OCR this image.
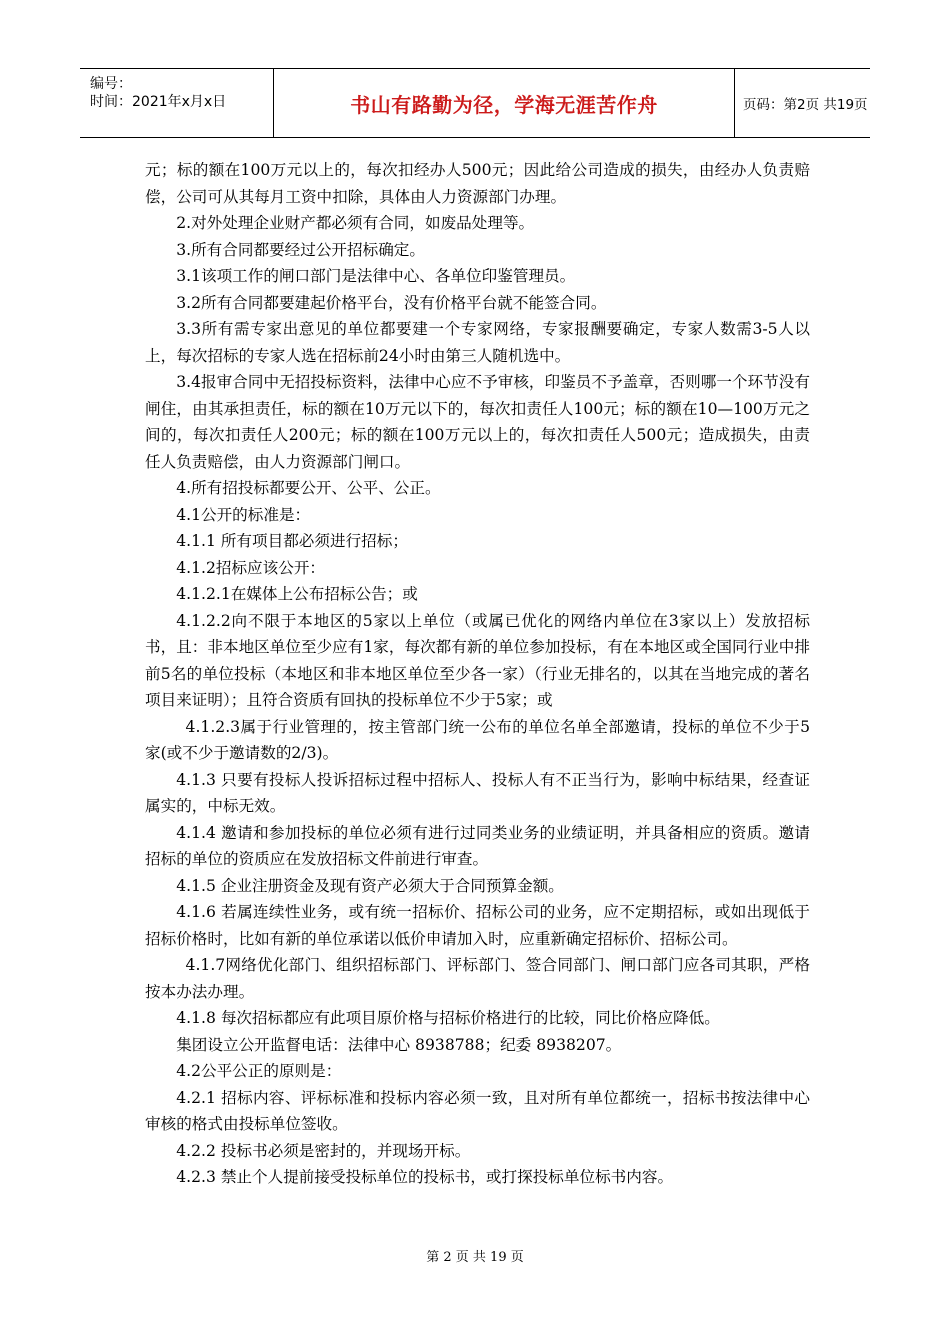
编号：
时间：2021年x月x日	书山有路勤为径，学海无涯苦作舟	页码：第2页 共19页

元；标的额在100万元以上的，每次扣经办人500元；因此给公司造成的损失，由经办人负责赔偿，公司可从其每月工资中扣除，具体由人力资源部门办理。

2.对外处理企业财产都必须有合同，如废品处理等。

3.所有合同都要经过公开招标确定。

3.1该项工作的闸口部门是法律中心、各单位印鉴管理员。

3.2所有合同都要建起价格平台，没有价格平台就不能签合同。

3.3所有需专家出意见的单位都要建一个专家网络，专家报酬要确定，专家人数需3-5人以上，每次招标的专家人选在招标前24小时由第三人随机选中。

3.4报审合同中无招投标资料，法律中心应不予审核，印鉴员不予盖章，否则哪一个环节没有闸住，由其承担责任，标的额在10万元以下的，每次扣责任人100元；标的额在10—100万元之间的，每次扣责任人200元；标的额在100万元以上的，每次扣责任人500元；造成损失，由责任人负责赔偿，由人力资源部门闸口。

4.所有招投标都要公开、公平、公正。

4.1公开的标准是：

4.1.1 所有项目都必须进行招标；

4.1.2招标应该公开：

4.1.2.1在媒体上公布招标公告；或

4.1.2.2向不限于本地区的5家以上单位（或属已优化的网络内单位在3家以上）发放招标书，且：非本地区单位至少应有1家，每次都有新的单位参加投标，有在本地区或全国同行业中排前5名的单位投标（本地区和非本地区单位至少各一家）（行业无排名的，以其在当地完成的著名项目来证明）；且符合资质有回执的投标单位不少于5家；或

4.1.2.3属于行业管理的，按主管部门统一公布的单位名单全部邀请，投标的单位不少于5家(或不少于邀请数的2/3)。

4.1.3 只要有投标人投诉招标过程中招标人、投标人有不正当行为，影响中标结果，经查证属实的，中标无效。

4.1.4 邀请和参加投标的单位必须有进行过同类业务的业绩证明，并具备相应的资质。邀请招标的单位的资质应在发放招标文件前进行审查。

4.1.5 企业注册资金及现有资产必须大于合同预算金额。

4.1.6 若属连续性业务，或有统一招标价、招标公司的业务，应不定期招标，或如出现低于招标价格时，比如有新的单位承诺以低价申请加入时，应重新确定招标价、招标公司。

4.1.7网络优化部门、组织招标部门、评标部门、签合同部门、闸口部门应各司其职，严格按本办法办理。

4.1.8 每次招标都应有此项目原价格与招标价格进行的比较，同比价格应降低。

集团设立公开监督电话：法律中心 8938788；纪委 8938207。

4.2公平公正的原则是：

4.2.1 招标内容、评标标准和投标内容必须一致，且对所有单位都统一，招标书按法律中心审核的格式由投标单位签收。

4.2.2 投标书必须是密封的，并现场开标。

4.2.3 禁止个人提前接受投标单位的投标书，或打探投标单位标书内容。

第 2 页 共 19 页
